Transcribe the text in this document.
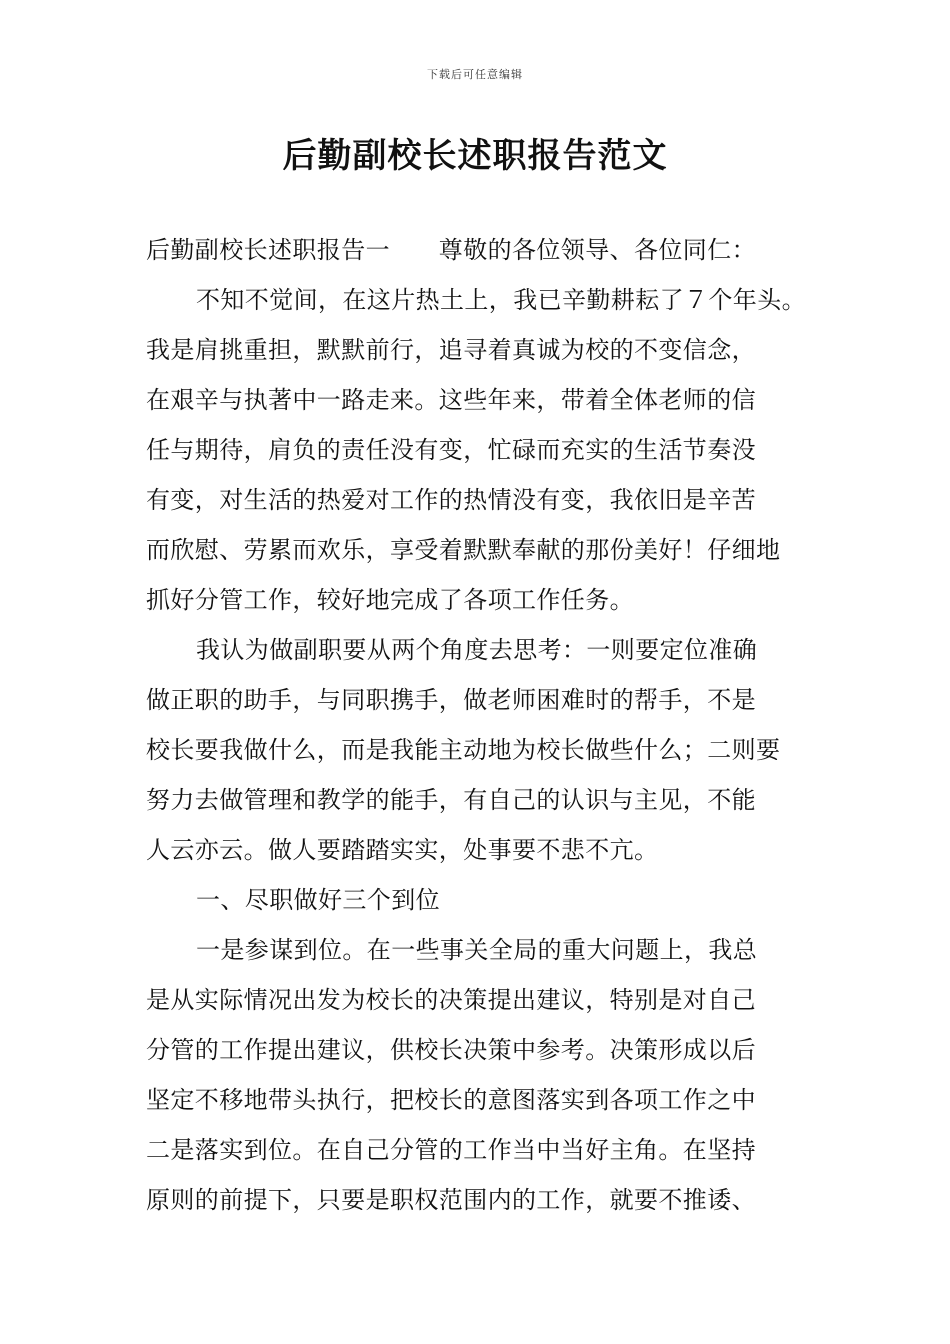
下载后可任意编辑
后勤副校长述职报告范文
后勤副校长述职报告一　　尊敬的各位领导、各位同仁：
不知不觉间，在这片热土上，我已辛勤耕耘了７个年头。
我是肩挑重担，默默前行，追寻着真诚为校的不变信念，
在艰辛与执著中一路走来。这些年来，带着全体老师的信
任与期待，肩负的责任没有变，忙碌而充实的生活节奏没
有变，对生活的热爱对工作的热情没有变，我依旧是辛苦
而欣慰、劳累而欢乐，享受着默默奉献的那份美好！仔细地
抓好分管工作，较好地完成了各项工作任务。
我认为做副职要从两个角度去思考：一则要定位准确
做正职的助手，与同职携手，做老师困难时的帮手，不是
校长要我做什么，而是我能主动地为校长做些什么；二则要
努力去做管理和教学的能手，有自己的认识与主见，不能
人云亦云。做人要踏踏实实，处事要不悲不亢。
一、尽职做好三个到位
一是参谋到位。在一些事关全局的重大问题上，我总
是从实际情况出发为校长的决策提出建议，特别是对自己
分管的工作提出建议，供校长决策中参考。决策形成以后
坚定不移地带头执行，把校长的意图落实到各项工作之中
二是落实到位。在自己分管的工作当中当好主角。在坚持
原则的前提下，只要是职权范围内的工作，就要不推诿、
